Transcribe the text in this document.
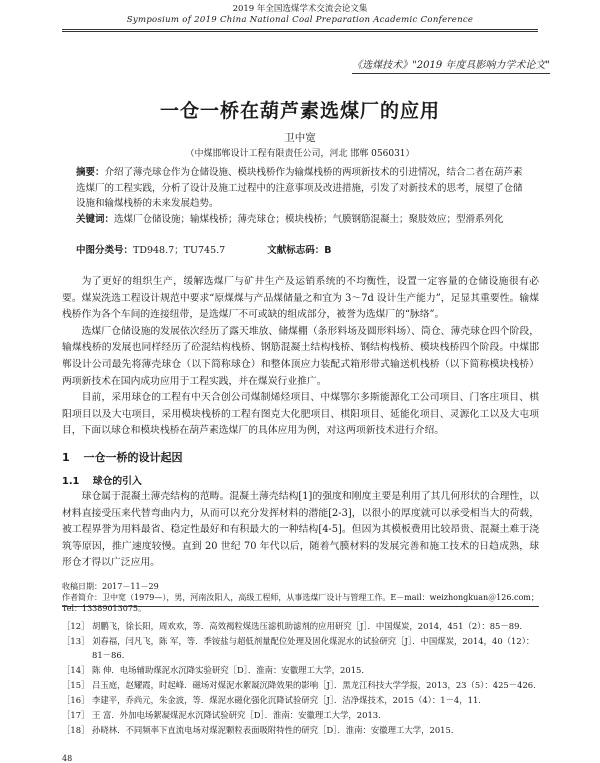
2019 年全国选煤学术交流会论文集
Symposium of 2019 China National Coal Preparation Academic Conference
《选煤技术》"2019 年度具影响力学术论文"
一仓一桥在葫芦素选煤厂的应用
卫中宽
（中煤邯郸设计工程有限责任公司，河北 邯郸 056031）
摘要：介绍了薄壳球仓作为仓储设施、模块栈桥作为输煤栈桥的两项新技术的引进情况，结合二者在葫芦素选煤厂的工程实践，分析了设计及施工过程中的注意事项及改进措施，引发了对新技术的思考，展望了仓储设施和输煤栈桥的未来发展趋势。
关键词：选煤厂仓储设施；输煤栈桥；薄壳球仓；模块栈桥；气膜钢筋混凝土；聚肢效应；型滑系列化
中图分类号：TD948.7；TU745.7	文献标志码：B

为了更好的组织生产，缓解选煤厂与矿井生产及运销系统的不均衡性，设置一定容量的仓储设施很有必要。煤炭洗选工程设计规范中要求“原煤煤与产品煤储量之和宜为 3～7d 设计生产能力”，足显其重要性。输煤栈桥作为各个车间的连接纽带，是选煤厂不可或缺的组成部分，被誉为选煤厂的“脉络”。

选煤厂仓储设施的发展依次经历了露天堆放、储煤棚（条形料场及圆形料场）、筒仓、薄壳球仓四个阶段，输煤栈桥的发展也同样经历了砼混结构栈桥、钢筋混凝土结构栈桥、钢结构栈桥、模块栈桥四个阶段。中煤邯郸设计公司最先将薄壳球仓（以下简称球仓）和整体顶应力装配式箱形带式输送机栈桥（以下简称模块栈桥）两项新技术在国内成功应用于工程实践，并在煤炭行业推广。

目前，采用球仓的工程有中天合创公司煤制烯烃项目、中煤鄂尔多斯能源化工公司项目、门客庄项目、棋阳项目以及大屯项目，采用模块栈桥的工程有图克大化肥项目、棋阳项目、延能化项目、灵源化工以及大屯项目，下面以球仓和模块栈桥在葫芦素选煤厂的具体应用为例，对这两项新技术进行介绍。

1 一仓一桥的设计起因
1.1 球仓的引入

球仓属于混凝土薄壳结构的范畴。混凝土薄壳结构[1]的强度和刚度主要是利用了其几何形状的合理性，以材料直接受压来代替弯曲内力，从而可以充分发挥材料的潜能[2-3]，以很小的厚度就可以承受相当大的荷载，被工程界誉为用料最省、稳定性最好和有积最大的一种结构[4-5]。但因为其模板费用比较昂贵、混凝土难于浇筑等原因，推广速度较慢。直到 20 世纪 70 年代以后，随着气膜材料的发展完善和施工技术的日趋成熟，球形仓才得以广泛应用。

收稿日期：2017－11－29
作者简介：卫中宽（1979—），男，河南汝阳人，高级工程师，从事选煤厂设计与管理工作。E－mail：weizhongkuan＠126.com；Tel：13389013075。
［12］ 胡鹏飞，徐长阳，周欢欢，等．高效褐粒煤选压滤机助滤剂的应用研究［J］．中国煤炭，2014，451（2）：85－89.
［13］ 刘春福，闫凡飞，陈 军，等．季铵盐与超低剂量配位处理及固化煤泥水的试验研究［J］．中国煤炭，2014，40（12）：81－86.
［14］ 陈 伸．电场辅助煤泥水沉降实验研究［D］．淮南：安徽理工大学，2015.
［15］ 吕玉庭，赵耀霞，时起峰．磁场对煤泥水絮凝沉降效果的影响［J］．黑龙江科技大学学报，2013，23（5）：425－426.
［16］ 李建平，乔尚元，朱金波，等．煤泥水磁化强化沉降试验研究［J］．洁净煤技术，2015（4）：1－4，11.
［17］ 王 富．外加电场絮凝煤泥水沉降试验研究［D］．淮南：安徽理工大学，2013.
［18］ 孙晓林．不同频率下直流电场对煤泥颗粒表面吸附特性的研究［D］．淮南：安徽理工大学，2015.
48
